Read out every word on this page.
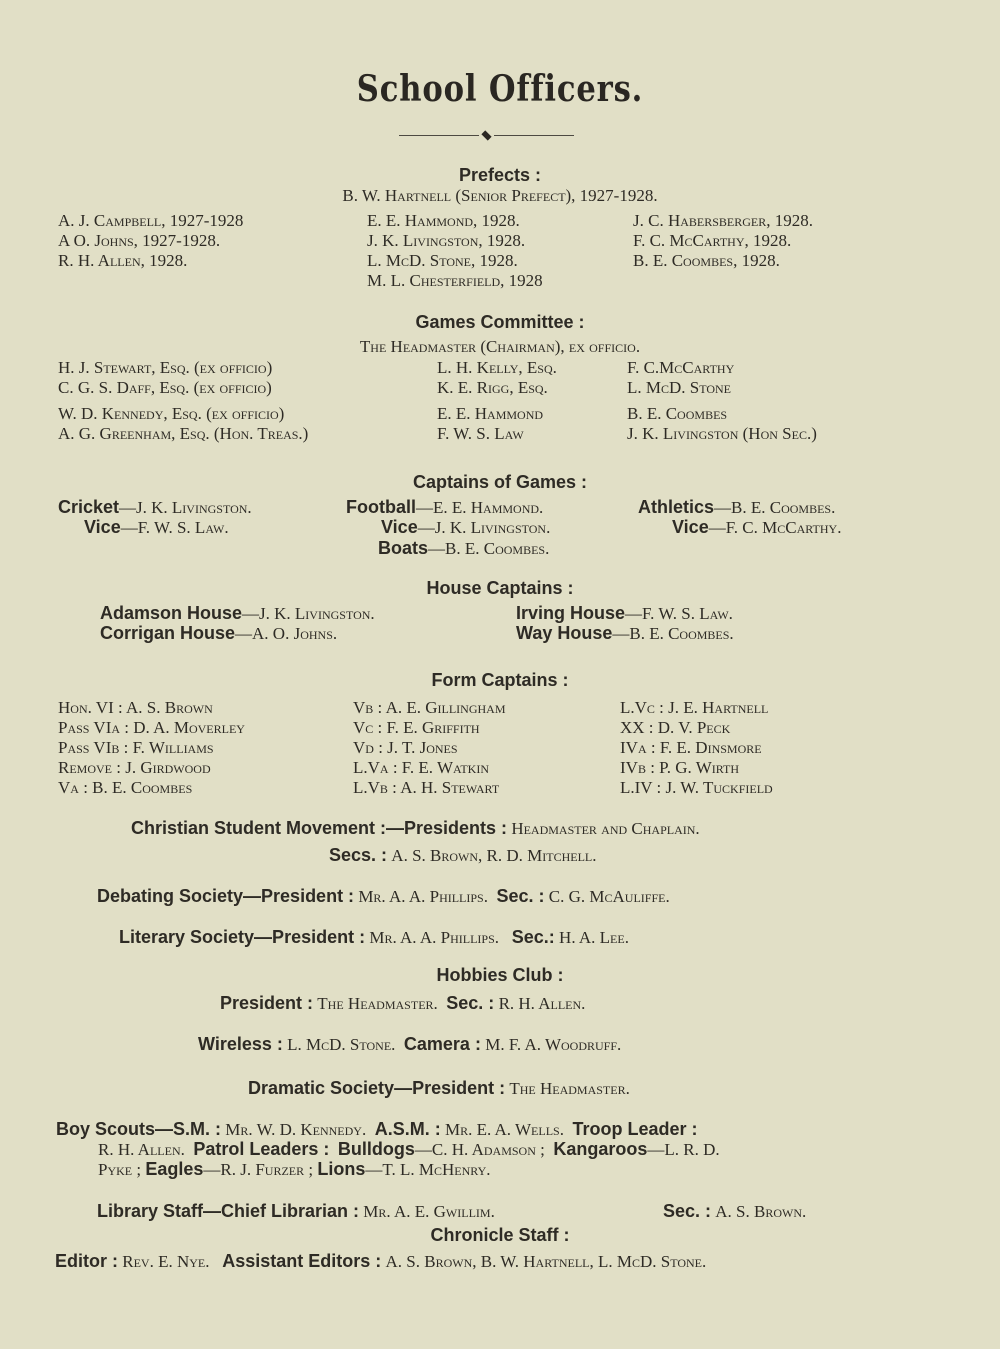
School Officers.
Prefects :
B. W. Hartnell (Senior Prefect), 1927-1928.
A. J. Campbell, 1927-1928
A O. Johns, 1927-1928.
R. H. Allen, 1928.
E. E. Hammond, 1928.
J. K. Livingston, 1928.
L. McD. Stone, 1928.
M. L. Chesterfield, 1928
J. C. Habersberger, 1928.
F. C. McCarthy, 1928.
B. E. Coombes, 1928.
Games Committee :
The Headmaster (Chairman), ex officio.
H. J. Stewart, Esq. (ex officio)
C. G. S. Daff, Esq. (ex officio)
W. D. Kennedy, Esq. (ex officio)
A. G. Greenham, Esq. (Hon. Treas.)
L. H. Kelly, Esq.
K. E. Rigg, Esq.
E. E. Hammond
F. W. S. Law
F. C.McCarthy
L. McD. Stone
B. E. Coombes
J. K. Livingston (Hon Sec.)
Captains of Games :
Cricket—J. K. Livingston.
Vice—F. W. S. Law.
Football—E. E. Hammond.
Vice—J. K. Livingston.
Athletics—B. E. Coombes.
Vice—F. C. McCarthy.
Boats—B. E. Coombes.
House Captains :
Adamson House—J. K. Livingston.
Corrigan House—A. O. Johns.
Irving House—F. W. S. Law.
Way House—B. E. Coombes.
Form Captains :
Hon. VI : A. S. Brown
Pass VIa : D. A. Moverley
Pass VIb : F. Williams
Remove : J. Girdwood
Va : B. E. Coombes
Vb : A. E. Gillingham
Vc : F. E. Griffith
Vd : J. T. Jones
L.Va : F. E. Watkin
L.Vb : A. H. Stewart
L.Vc : J. E. Hartnell
XX : D. V. Peck
IVa : F. E. Dinsmore
IVb : P. G. Wirth
L.IV : J. W. Tuckfield
Christian Student Movement :—Presidents : Headmaster and Chaplain.
Secs. : A. S. Brown, R. D. Mitchell.
Debating Society—President : Mr. A. A. Phillips. Sec. : C. G. McAuliffe.
Literary Society—President : Mr. A. A. Phillips. Sec.: H. A. Lee.
Hobbies Club :
President : The Headmaster. Sec. : R. H. Allen.
Wireless : L. McD. Stone. Camera : M. F. A. Woodruff.
Dramatic Society—President : The Headmaster.
Boy Scouts—S.M. : Mr. W. D. Kennedy. A.S.M. : Mr. E. A. Wells. Troop Leader :
R. H. Allen. Patrol Leaders : Bulldogs—C. H. Adamson ; Kangaroos—L. R. D.
Pyke ; Eagles—R. J. Furzer ; Lions—T. L. McHenry.
Library Staff—Chief Librarian : Mr. A. E. Gwillim.	Sec. : A. S. Brown.
Chronicle Staff :
Editor : Rev. E. Nye. Assistant Editors : A. S. Brown, B. W. Hartnell, L. McD. Stone.
